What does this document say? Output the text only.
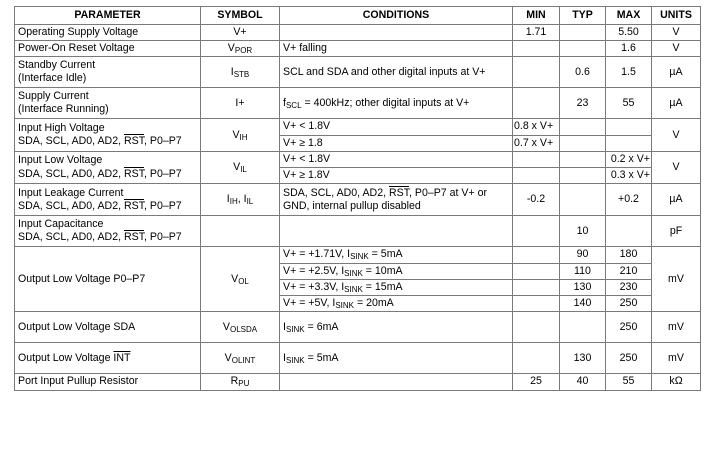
PARAMETER	SYMBOL	CONDITIONS	MIN	TYP	MAX	UNITS
Operating Supply Voltage	V+		1.71		5.50	V
Power-On Reset Voltage	$V_{POR}$	V+ falling			1.6	V
Standby Current
(Interface Idle)	$I_{STB}$	SCL and SDA and other digital inputs at V+		0.6	1.5	µA
Supply Current
(Interface Running)	I+	$f_{SCL} = 400kHz$; other digital inputs at V+		23	55	µA
Input High Voltage
SDA, SCL, AD0, AD2, $\overline{RST}$, P0–P7	$V_{IH}$	V+ < 1.8V	0.8 x V+			V
		V+ ≥ 1.8	0.7 x V+			
Input Low Voltage
SDA, SCL, AD0, AD2, $\overline{RST}$, P0–P7	$V_{IL}$	V+ < 1.8V			0.2 x V+	V
		V+ ≥ 1.8V			0.3 x V+	
Input Leakage Current
SDA, SCL, AD0, AD2, $\overline{RST}$, P0–P7	$I_{IH}$, $I_{IL}$	SDA, SCL, AD0, AD2, $\overline{RST}$, P0–P7 at V+ or
GND, internal pullup disabled	-0.2		+0.2	µA
Input Capacitance
SDA, SCL, AD0, AD2, $\overline{RST}$, P0–P7				10		pF
Output Low Voltage P0–P7	$V_{OL}$	V+ = +1.71V, $I_{SINK} = 5mA$		90	180	mV
		V+ = +2.5V, $I_{SINK} = 10mA$		110	210	
		V+ = +3.3V, $I_{SINK} = 15mA$		130	230	
		V+ = +5V, $I_{SINK} = 20mA$		140	250	
Output Low Voltage SDA	$V_{OLSDA}$	$I_{SINK} = 6mA$			250	mV
Output Low Voltage $\overline{INT}$	$V_{OLINT}$	$I_{SINK} = 5mA$		130	250	mV
Port Input Pullup Resistor	$R_{PU}$		25	40	55	kΩ
